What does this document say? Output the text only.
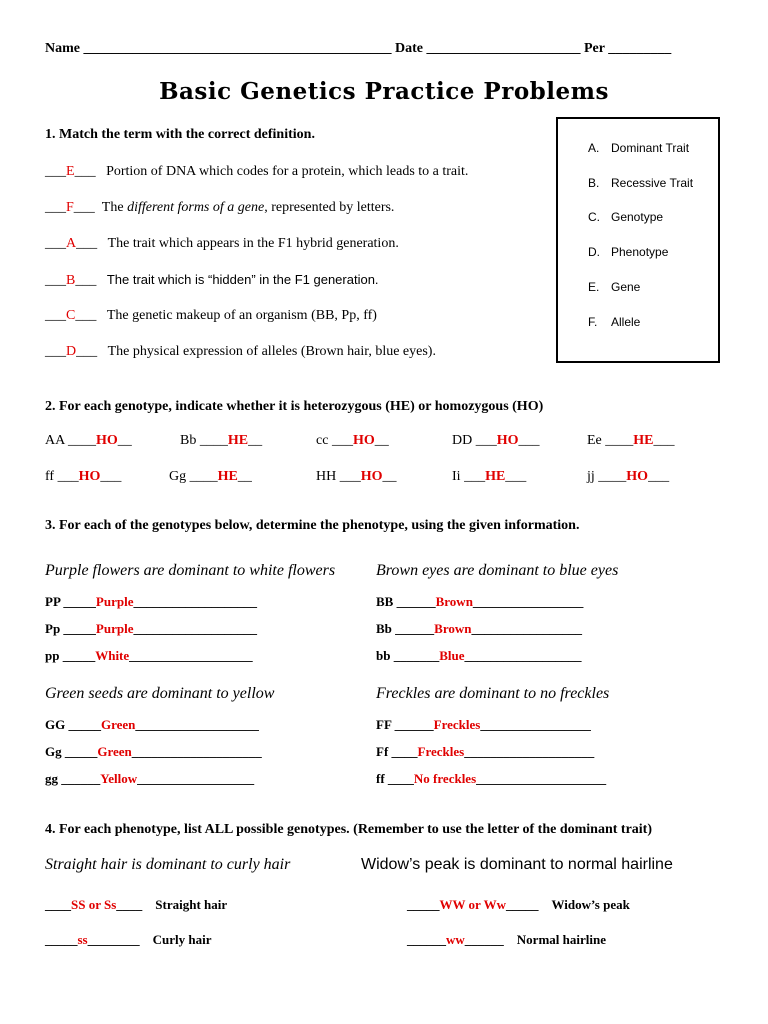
Name ____________________________________________ Date ______________________ Per _________
Basic Genetics Practice Problems
1. Match the term with the correct definition.
___E___ Portion of DNA which codes for a protein, which leads to a trait.
___F___ The different forms of a gene, represented by letters.
___A___ The trait which appears in the F1 hybrid generation.
___B___ The trait which is “hidden” in the F1 generation.
___C___ The genetic makeup of an organism (BB, Pp, ff)
___D___ The physical expression of alleles (Brown hair, blue eyes).
A. Dominant Trait
B. Recessive Trait
C. Genotype
D. Phenotype
E. Gene
F. Allele
2. For each genotype, indicate whether it is heterozygous (HE) or homozygous (HO)
AA ____HO__	Bb ____HE__	cc ___HO__	DD ___HO___	Ee ____HE___
ff ___HO___	Gg ____HE__	HH ___HO__	Ii ___HE___	jj ____HO___
3. For each of the genotypes below, determine the phenotype, using the given information.
Purple flowers are dominant to white flowers	Brown eyes are dominant to blue eyes
PP _____Purple___________________
Pp _____Purple___________________
pp _____White___________________
BB ______Brown_________________
Bb ______Brown_________________
bb _______Blue__________________
Green seeds are dominant to yellow	Freckles are dominant to no freckles
GG _____Green___________________
Gg _____Green____________________
gg ______Yellow__________________
FF ______Freckles_________________
Ff ____Freckles____________________
ff ____No freckles____________________
4. For each phenotype, list ALL possible genotypes. (Remember to use the letter of the dominant trait)
Straight hair is dominant to curly hair	Widow’s peak is dominant to normal hairline
____SS or Ss____ Straight hair
_____ss________ Curly hair
_____WW or Ww_____ Widow’s peak
______ww______ Normal hairline
